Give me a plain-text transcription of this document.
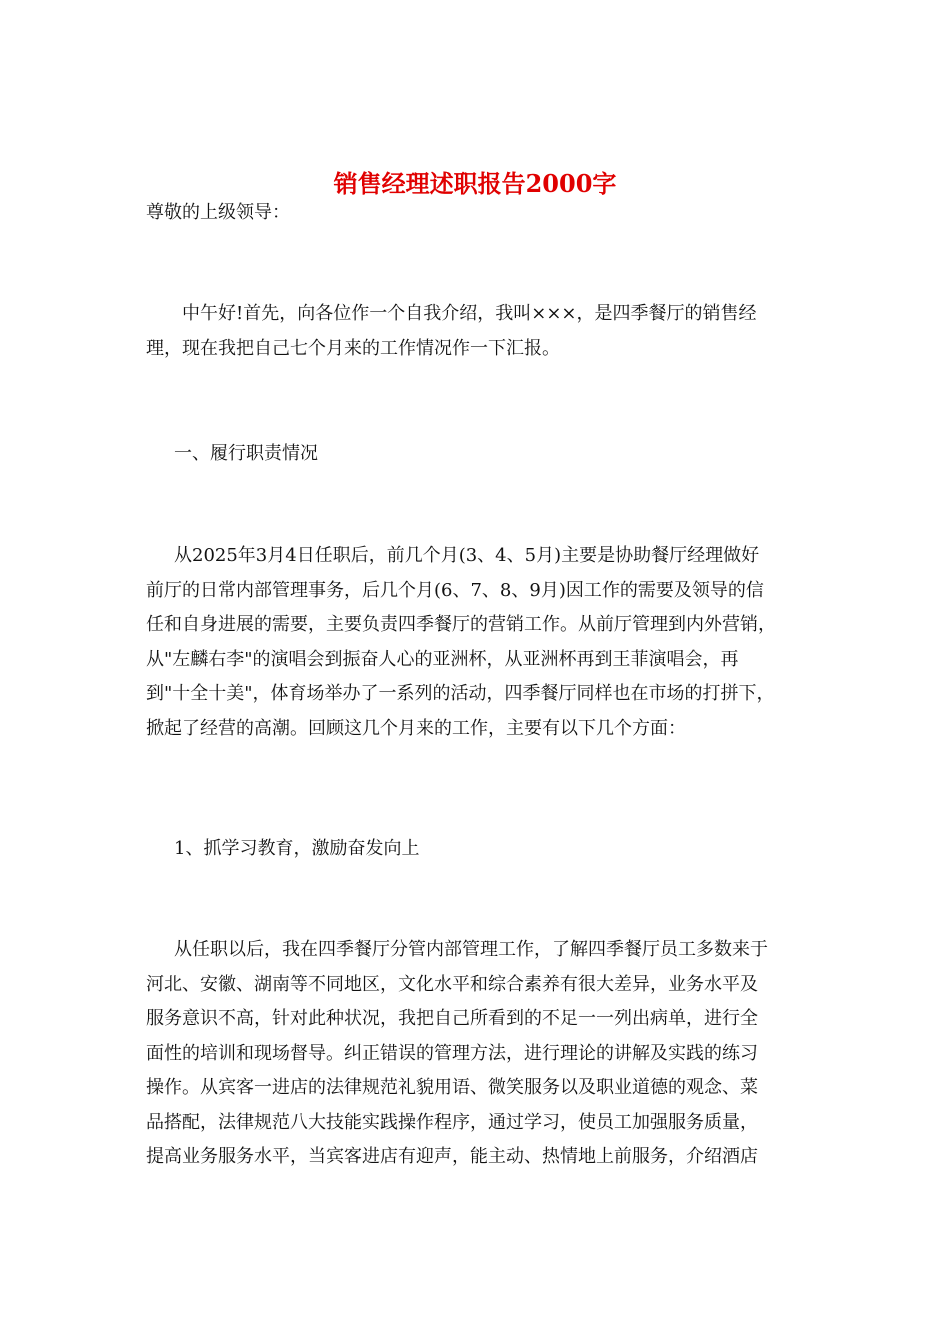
销售经理述职报告2000字

尊敬的上级领导：

中午好!首先，向各位作一个自我介绍，我叫×××，是四季餐厅的销售经
理，现在我把自己七个月来的工作情况作一下汇报。

一、履行职责情况

从2025年3月4日任职后，前几个月(3、4、5月)主要是协助餐厅经理做好
前厅的日常内部管理事务，后几个月(6、7、8、9月)因工作的需要及领导的信
任和自身进展的需要，主要负责四季餐厅的营销工作。从前厅管理到内外营销，
从"左麟右李"的演唱会到振奋人心的亚洲杯，从亚洲杯再到王菲演唱会，再
到"十全十美"，体育场举办了一系列的活动，四季餐厅同样也在市场的打拼下，
掀起了经营的高潮。回顾这几个月来的工作，主要有以下几个方面：

1、抓学习教育，激励奋发向上

从任职以后，我在四季餐厅分管内部管理工作，了解四季餐厅员工多数来于
河北、安徽、湖南等不同地区，文化水平和综合素养有很大差异，业务水平及
服务意识不高，针对此种状况，我把自己所看到的不足一一列出病单，进行全
面性的培训和现场督导。纠正错误的管理方法，进行理论的讲解及实践的练习
操作。从宾客一进店的法律规范礼貌用语、微笑服务以及职业道德的观念、菜
品搭配，法律规范八大技能实践操作程序，通过学习，使员工加强服务质量，
提高业务服务水平，当宾客进店有迎声，能主动、热情地上前服务，介绍酒店
